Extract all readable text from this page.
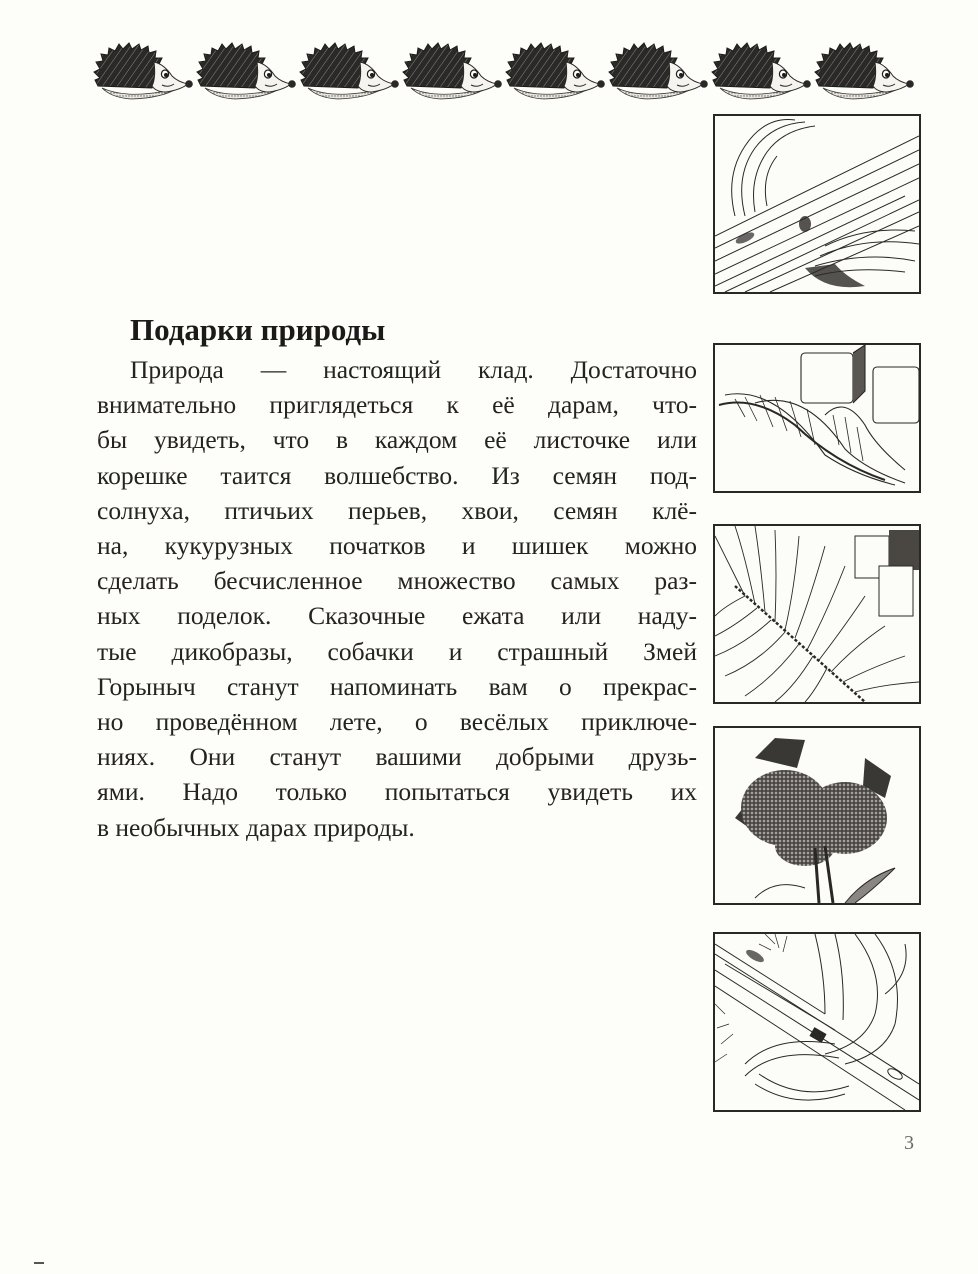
Подарки природы

Природа — настоящий клад. Достаточно
внимательно приглядеться к её дарам, что-
бы увидеть, что в каждом её листочке или
корешке таится волшебство. Из семян под-
солнуха, птичьих перьев, хвои, семян клё-
на, кукурузных початков и шишек можно
сделать бесчисленное множество самых раз-
ных поделок. Сказочные ежата или наду-
тые дикобразы, собачки и страшный Змей
Горыныч станут напоминать вам о прекрас-
но проведённом лете, о весёлых приключе-
ниях. Они станут вашими добрыми друзь-
ями. Надо только попытаться увидеть их
в необычных дарах природы.

3
